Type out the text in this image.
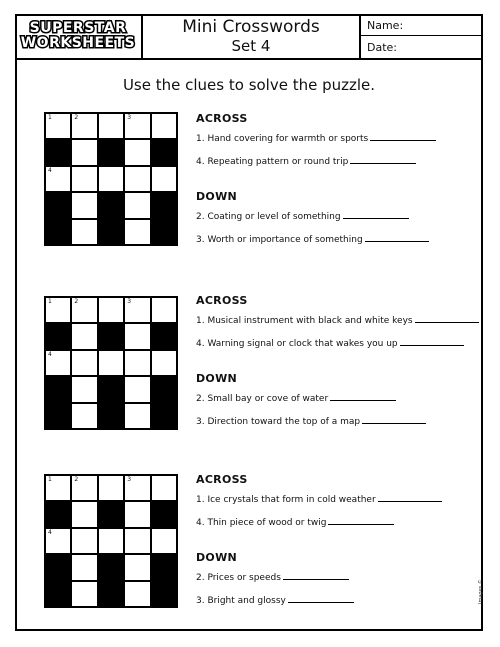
SUPERSTAR
WORKSHEETS
Mini Crosswords
Set 4
Name:
Date:
Use the clues to solve the puzzle.
1	2	3
4
ACROSS
1. Hand covering for warmth or sports
4. Repeating pattern or round trip
DOWN
2. Coating or level of something
3. Worth or importance of something
1	2	3
4
ACROSS
1. Musical instrument with black and white keys
4. Warning signal or clock that wakes you up
DOWN
2. Small bay or cove of water
3. Direction toward the top of a map
1	2	3
4
ACROSS
1. Ice crystals that form in cold weather
4. Thin piece of wood or twig
DOWN
2. Prices or speeds
3. Bright and glossy	Images ©
